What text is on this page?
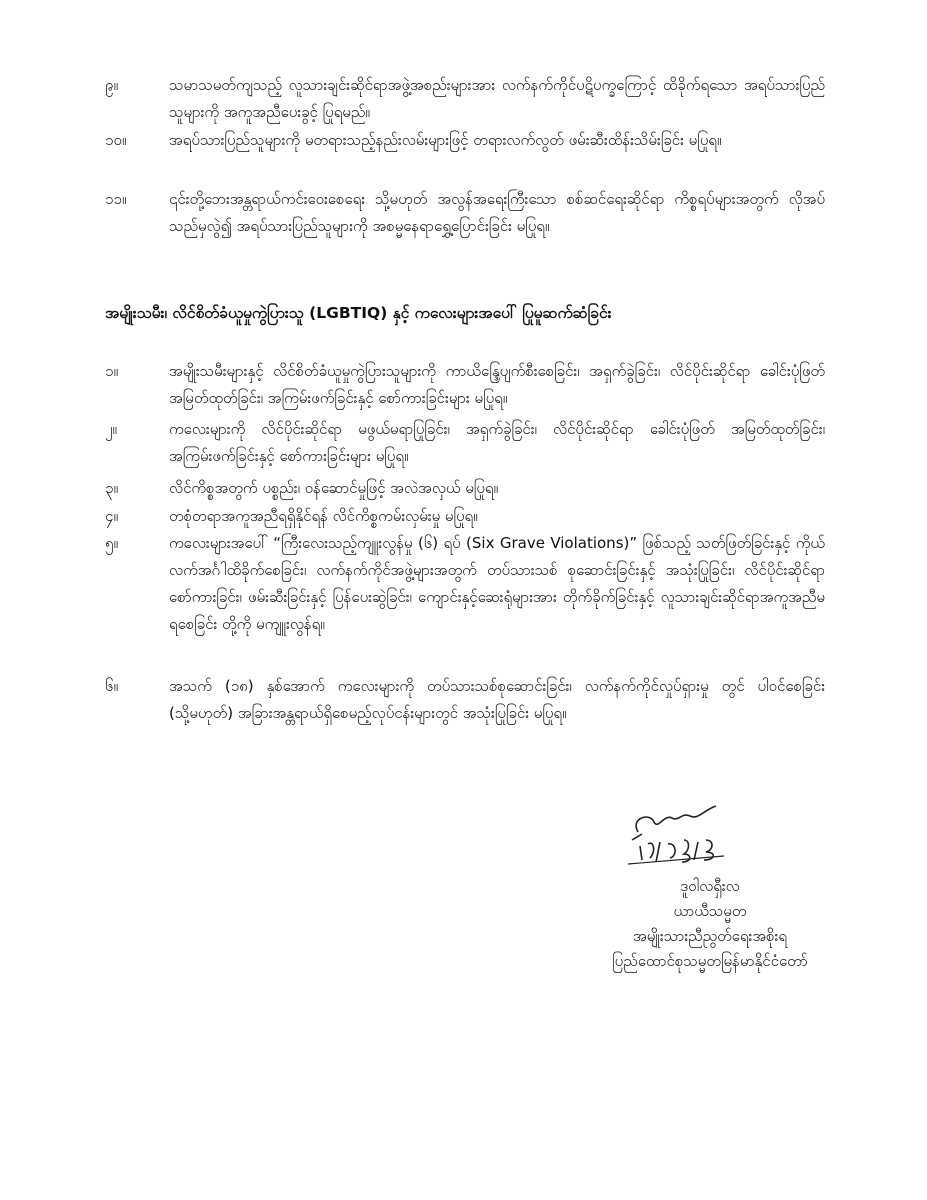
၉။	သမာသမတ်ကျသည့် လူသားချင်းဆိုင်ရာအဖွဲ့အစည်းများအား လက်နက်ကိုင်ပဋိပက္ခကြောင့် ထိခိုက်ရသော အရပ်သားပြည်သူများကို အကူအညီပေးခွင့် ပြုရမည်။
၁၀။	အရပ်သားပြည်သူများကို မတရားသည့်နည်းလမ်းများဖြင့် တရားလက်လွတ် ဖမ်းဆီးထိန်းသိမ်းခြင်း မပြုရ။
၁၁။	၎င်းတို့ဘေးအန္တရာယ်ကင်းဝေးစေရေး သို့မဟုတ် အလွန်အရေးကြီးသော စစ်ဆင်ရေးဆိုင်ရာ ကိစ္စရပ်များအတွက် လိုအပ်သည်မှလွဲ၍ အရပ်သားပြည်သူများကို အစမ္မနေရာရွှေ့ပြောင်းခြင်း မပြုရ။
အမျိုးသမီး၊ လိင်စိတ်ခံယူမှုကွဲပြားသူ (LGBTIQ) နှင့် ကလေးများအပေါ် ပြုမူဆက်ဆံခြင်း
၁။	အမျိုးသမီးများနှင့် လိင်စိတ်ခံယူမှုကွဲပြားသူများကို ကာယိန္ဒြေပျက်စီးစေခြင်း၊ အရှက်ခွဲခြင်း၊ လိင်ပိုင်းဆိုင်ရာ ခေါင်းပုံဖြတ်အမြတ်ထုတ်ခြင်း၊ အကြမ်းဖက်ခြင်းနှင့် စော်ကားခြင်းများ မပြုရ။
၂။	ကလေးများကို လိင်ပိုင်းဆိုင်ရာ မဖွယ်မရာပြုခြင်း၊ အရှက်ခွဲခြင်း၊ လိင်ပိုင်းဆိုင်ရာ ခေါင်းပုံဖြတ် အမြတ်ထုတ်ခြင်း၊ အကြမ်းဖက်ခြင်းနှင့် စော်ကားခြင်းများ မပြုရ။
၃။	လိင်ကိစ္စအတွက် ပစ္စည်း၊ ဝန်ဆောင်မှုဖြင့် အလဲအလှယ် မပြုရ။
၄။	တစုံတရာအကူအညီရရှိနိုင်ရန် လိင်ကိစ္စကမ်းလှမ်းမှု မပြုရ။
၅။	ကလေးများအပေါ် “ကြီးလေးသည့်ကျူးလွန်မှု (၆) ရပ် (Six Grave Violations)” ဖြစ်သည့် သတ်ဖြတ်ခြင်းနှင့် ကိုယ်လက်အင်္ဂါထိခိုက်စေခြင်း၊ လက်နက်ကိုင်အဖွဲ့များအတွက် တပ်သားသစ် စုဆောင်းခြင်းနှင့် အသုံးပြုခြင်း၊ လိင်ပိုင်းဆိုင်ရာစော်ကားခြင်း၊ ဖမ်းဆီးခြင်းနှင့် ပြန်ပေးဆွဲခြင်း၊ ကျောင်းနှင့်ဆေးရုံများအား တိုက်ခိုက်ခြင်းနှင့် လူသားချင်းဆိုင်ရာအကူအညီမရစေခြင်း တို့ကို မကျူးလွန်ရ။
၆။	အသက် (၁၈) နှစ်အောက် ကလေးများကို တပ်သားသစ်စုဆောင်းခြင်း၊ လက်နက်ကိုင်လှုပ်ရှားမှု တွင် ပါဝင်စေခြင်း (သို့မဟုတ်) အခြားအန္တရာယ်ရှိစေမည့်လုပ်ငန်းများတွင် အသုံးပြုခြင်း မပြုရ။
ဒူဝါလရှီးလ
ယာယီသမ္မတ
အမျိုးသားညီညွတ်ရေးအစိုးရ
ပြည်ထောင်စုသမ္မတမြန်မာနိုင်ငံတော်
